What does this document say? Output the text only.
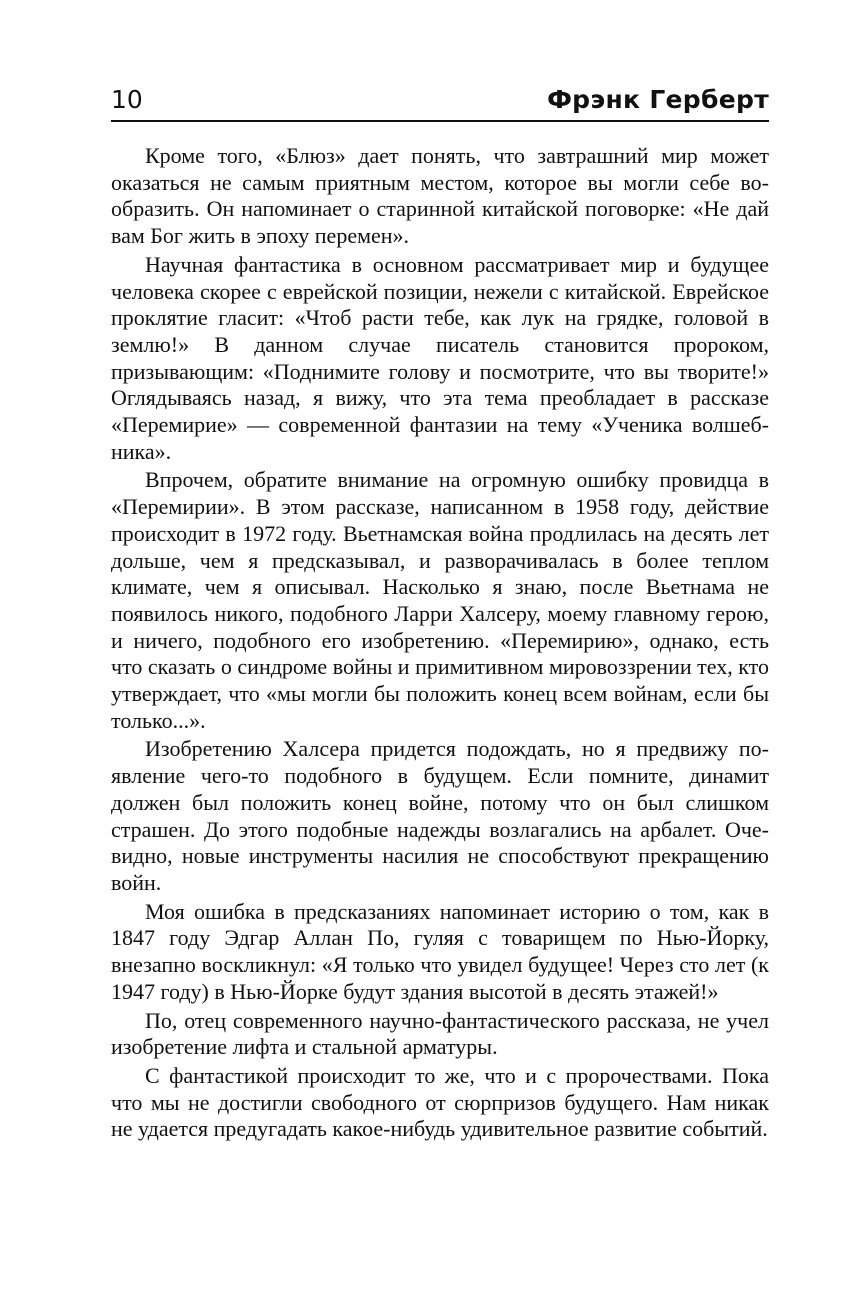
10	Фрэнк Герберт

Кроме того, «Блюз» дает понять, что завтрашний мир может оказаться не самым приятным местом, которое вы могли себе вообразить. Он напоминает о старинной китайской поговорке: «Не дай вам Бог жить в эпоху перемен».

Научная фантастика в основном рассматривает мир и будущее человека скорее с еврейской позиции, нежели с китайской. Еврейское проклятие гласит: «Чтоб расти тебе, как лук на грядке, головой в землю!» В данном случае писатель становится пророком, призывающим: «Поднимите голову и посмотрите, что вы творите!» Оглядываясь назад, я вижу, что эта тема преобладает в рассказе «Перемирие» — современной фантазии на тему «Ученика волшебника».

Впрочем, обратите внимание на огромную ошибку провидца в «Перемирии». В этом рассказе, написанном в 1958 году, действие происходит в 1972 году. Вьетнамская война продлилась на десять лет дольше, чем я предсказывал, и разворачивалась в более теплом климате, чем я описывал. Насколько я знаю, после Вьетнама не появилось никого, подобного Ларри Халсеру, моему главному герою, и ничего, подобного его изобретению. «Перемирию», однако, есть что сказать о синдроме войны и примитивном мировоззрении тех, кто утверждает, что «мы могли бы положить конец всем войнам, если бы только...».

Изобретению Халсера придется подождать, но я предвижу появление чего-то подобного в будущем. Если помните, динамит должен был положить конец войне, потому что он был слишком страшен. До этого подобные надежды возлагались на арбалет. Очевидно, новые инструменты насилия не способствуют прекращению войн.

Моя ошибка в предсказаниях напоминает историю о том, как в 1847 году Эдгар Аллан По, гуляя с товарищем по Нью-Йорку, внезапно воскликнул: «Я только что увидел будущее! Через сто лет (к 1947 году) в Нью-Йорке будут здания высотой в десять этажей!»

По, отец современного научно-фантастического рассказа, не учел изобретение лифта и стальной арматуры.

С фантастикой происходит то же, что и с пророчествами. Пока что мы не достигли свободного от сюрпризов будущего. Нам никак не удается предугадать какое-нибудь удивительное развитие событий.
